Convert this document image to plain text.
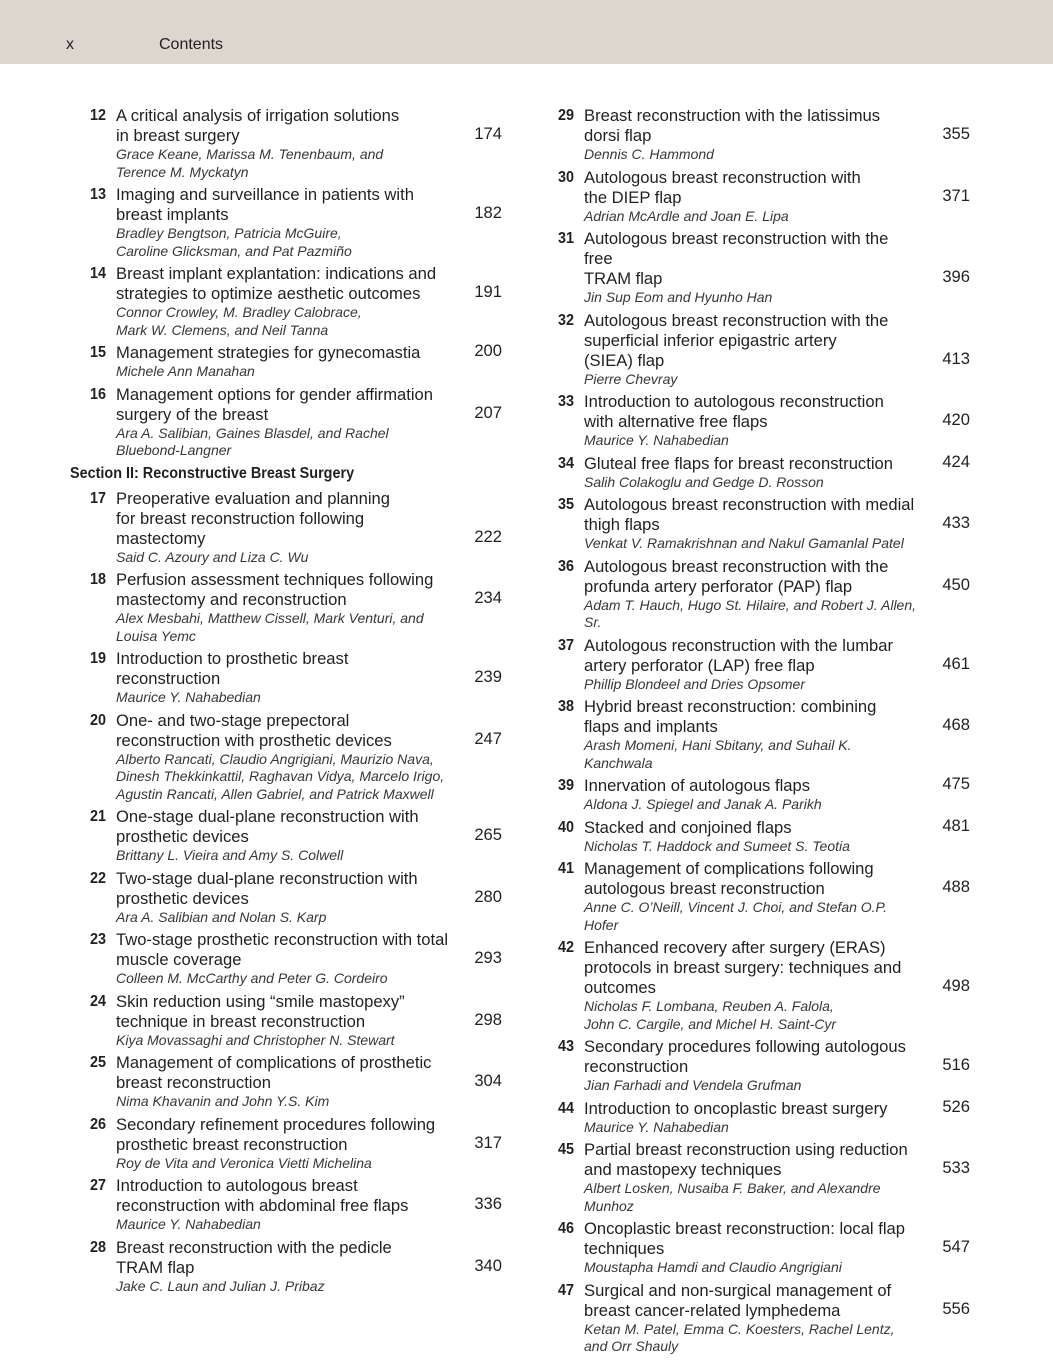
x	Contents
12 A critical analysis of irrigation solutions
in breast surgery	174
Grace Keane, Marissa M. Tenenbaum, and
Terence M. Myckatyn
13 Imaging and surveillance in patients with
breast implants	182
Bradley Bengtson, Patricia McGuire,
Caroline Glicksman, and Pat Pazmiño
14 Breast implant explantation: indications and
strategies to optimize aesthetic outcomes	191
Connor Crowley, M. Bradley Calobrace,
Mark W. Clemens, and Neil Tanna
15 Management strategies for gynecomastia	200
Michele Ann Manahan
16 Management options for gender affirmation
surgery of the breast	207
Ara A. Salibian, Gaines Blasdel, and Rachel
Bluebond-Langner
Section II: Reconstructive Breast Surgery
17 Preoperative evaluation and planning
for breast reconstruction following
mastectomy	222
Said C. Azoury and Liza C. Wu
18 Perfusion assessment techniques following
mastectomy and reconstruction	234
Alex Mesbahi, Matthew Cissell, Mark Venturi, and
Louisa Yemc
19 Introduction to prosthetic breast
reconstruction	239
Maurice Y. Nahabedian
20 One- and two-stage prepectoral
reconstruction with prosthetic devices	247
Alberto Rancati, Claudio Angrigiani, Maurizio Nava,
Dinesh Thekkinkattil, Raghavan Vidya, Marcelo Irigo,
Agustin Rancati, Allen Gabriel, and Patrick Maxwell
21 One-stage dual-plane reconstruction with
prosthetic devices	265
Brittany L. Vieira and Amy S. Colwell
22 Two-stage dual-plane reconstruction with
prosthetic devices	280
Ara A. Salibian and Nolan S. Karp
23 Two-stage prosthetic reconstruction with total
muscle coverage	293
Colleen M. McCarthy and Peter G. Cordeiro
24 Skin reduction using “smile mastopexy”
technique in breast reconstruction	298
Kiya Movassaghi and Christopher N. Stewart
25 Management of complications of prosthetic
breast reconstruction	304
Nima Khavanin and John Y.S. Kim
26 Secondary refinement procedures following
prosthetic breast reconstruction	317
Roy de Vita and Veronica Vietti Michelina
27 Introduction to autologous breast
reconstruction with abdominal free flaps	336
Maurice Y. Nahabedian
28 Breast reconstruction with the pedicle
TRAM flap	340
Jake C. Laun and Julian J. Pribaz
29 Breast reconstruction with the latissimus
dorsi flap	355
Dennis C. Hammond
30 Autologous breast reconstruction with
the DIEP flap	371
Adrian McArdle and Joan E. Lipa
31 Autologous breast reconstruction with the free
TRAM flap	396
Jin Sup Eom and Hyunho Han
32 Autologous breast reconstruction with the
superficial inferior epigastric artery
(SIEA) flap	413
Pierre Chevray
33 Introduction to autologous reconstruction
with alternative free flaps	420
Maurice Y. Nahabedian
34 Gluteal free flaps for breast reconstruction	424
Salih Colakoglu and Gedge D. Rosson
35 Autologous breast reconstruction with medial
thigh flaps	433
Venkat V. Ramakrishnan and Nakul Gamanlal Patel
36 Autologous breast reconstruction with the
profunda artery perforator (PAP) flap	450
Adam T. Hauch, Hugo St. Hilaire, and Robert J. Allen, Sr.
37 Autologous reconstruction with the lumbar
artery perforator (LAP) free flap	461
Phillip Blondeel and Dries Opsomer
38 Hybrid breast reconstruction: combining
flaps and implants	468
Arash Momeni, Hani Sbitany, and Suhail K. Kanchwala
39 Innervation of autologous flaps	475
Aldona J. Spiegel and Janak A. Parikh
40 Stacked and conjoined flaps	481
Nicholas T. Haddock and Sumeet S. Teotia
41 Management of complications following
autologous breast reconstruction	488
Anne C. O’Neill, Vincent J. Choi, and Stefan O.P. Hofer
42 Enhanced recovery after surgery (ERAS)
protocols in breast surgery: techniques and
outcomes	498
Nicholas F. Lombana, Reuben A. Falola,
John C. Cargile, and Michel H. Saint-Cyr
43 Secondary procedures following autologous
reconstruction	516
Jian Farhadi and Vendela Grufman
44 Introduction to oncoplastic breast surgery	526
Maurice Y. Nahabedian
45 Partial breast reconstruction using reduction
and mastopexy techniques	533
Albert Losken, Nusaiba F. Baker, and Alexandre Munhoz
46 Oncoplastic breast reconstruction: local flap
techniques	547
Moustapha Hamdi and Claudio Angrigiani
47 Surgical and non-surgical management of
breast cancer-related lymphedema	556
Ketan M. Patel, Emma C. Koesters, Rachel Lentz,
and Orr Shauly
